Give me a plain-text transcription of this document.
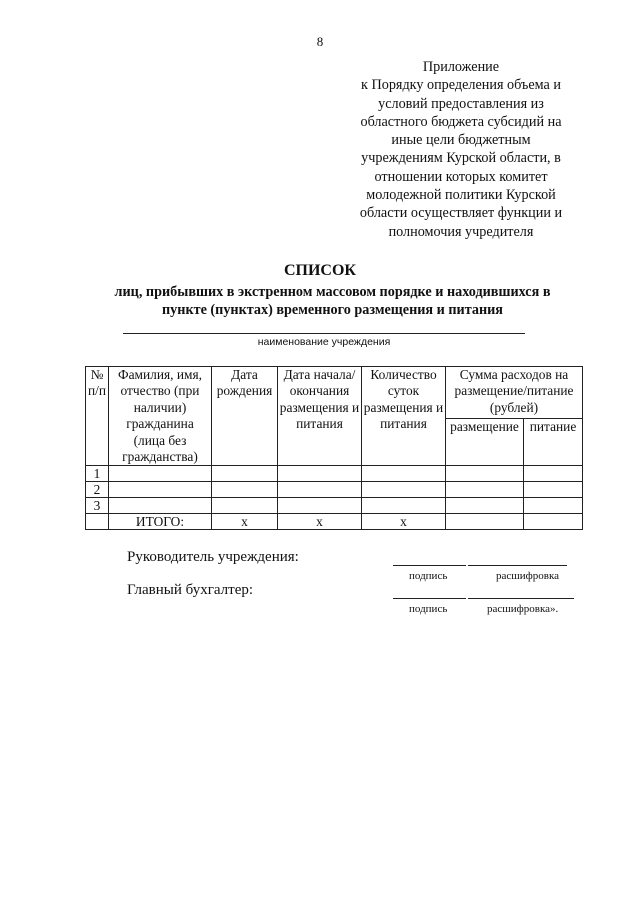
8
Приложение
к Порядку определения объема и
условий предоставления из
областного бюджета субсидий на
иные цели бюджетным
учреждениям Курской области, в
отношении которых комитет
молодежной политики Курской
области осуществляет функции и
полномочия учредителя
СПИСОК
лиц, прибывших в экстренном массовом порядке и находившихся в
пункте (пунктах) временного размещения и питания
наименование учреждения
№ п/п	Фамилия, имя, отчество (при наличии) гражданина (лица без гражданства)	Дата рождения	Дата начала/ окончания размещения и питания	Количество суток размещения и питания	Сумма расходов на размещение/питание (рублей)	
					размещение	питание
1						
2						
3						
	ИТОГО:	x	x	x		
Руководитель учреждения:
подпись	расшифровка
Главный бухгалтер:
подпись	расшифровка».
